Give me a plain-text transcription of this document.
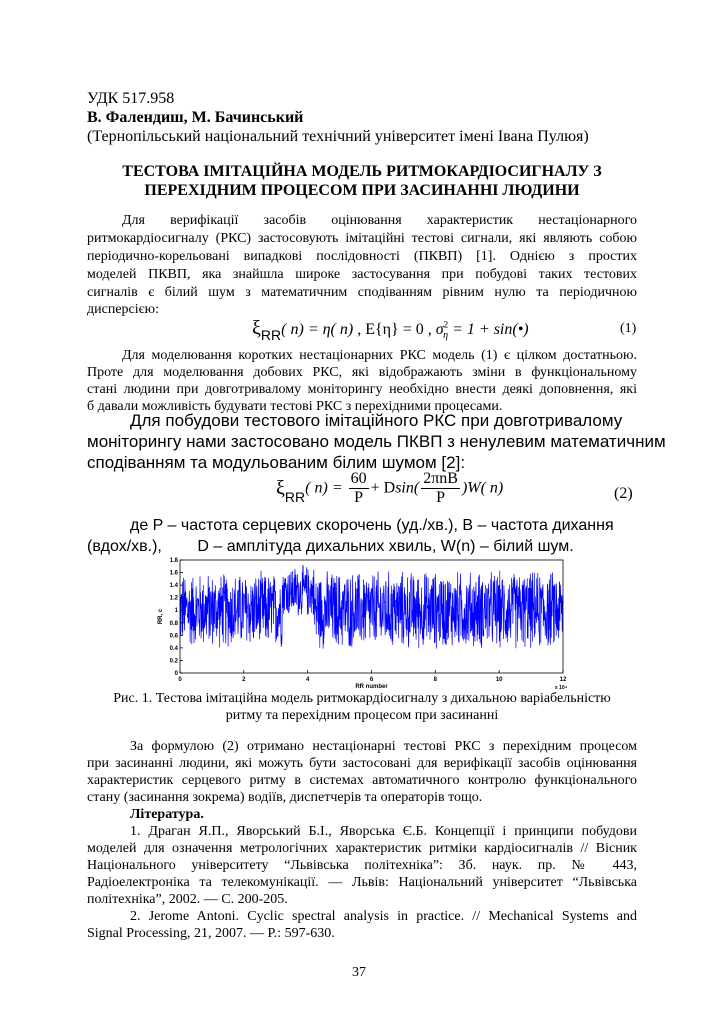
УДК 517.958
В. Фалендиш, М. Бачинський
(Тернопільський національний технічний університет імені Івана Пулюя)
ТЕСТОВА ІМІТАЦІЙНА МОДЕЛЬ РИТМОКАРДІОСИГНАЛУ З
ПЕРЕХІДНИМ ПРОЦЕСОМ ПРИ ЗАСИНАННІ ЛЮДИНИ
Для верифікації засобів оцінювання характеристик нестаціонарного
ритмокардіосигналу (РКС) застосовують імітаційні тестові сигнали, які являють собою
періодично-корельовані випадкові послідовності (ПКВП) [1]. Однією з простих
моделей ПКВП, яка знайшла широке застосування при побудові таких тестових
сигналів є білий шум з математичним сподіванням рівним нулю та періодичною
дисперсією:
ξRR( n) = η( n) , E{η} = 0 , $\sigma^2_\eta = 1$ + sin(•)	(1)
Для моделювання коротких нестаціонарних РКС модель (1) є цілком достатньою.
Проте для моделювання добових РКС, які відображають зміни в функціональному
стані людини при довготривалому моніторингу необхідно внести деякі доповнення, які
б давали можливість будувати тестові РКС з перехідними процесами.
Для побудови тестового імітаційного РКС при довготривалому
моніторингу нами застосовано модель ПКВП з ненулевим математичним
сподіванням та модульованим білим шумом [2]:
ξRR( $n) = \frac{60}{P} + Dsin( \frac{\text{2πnB}}{P} )W$( n)	(2)
де P – частота серцевих скорочень (уд./хв.), B – частота дихання
(вдох/хв.),        D – амплітуда дихальних хвиль, W(n) – білий шум.
0	2	4	6	8	10	12
0
0.2
0.4
0.6
0.8
1
1.2
1.4
1.6
1.8
RR number	x 10⁴
RR, c
Рис. 1. Тестова імітаційна модель ритмокардіосигналу з дихальною варіабельністю
ритму та перехідним процесом при засинанні
За формулою (2) отримано нестаціонарні тестові РКС з перехідним процесом
при засинанні людини, які можуть бути застосовані для верифікації засобів оцінювання
характеристик серцевого ритму в системах автоматичного контролю функціонального
стану (засинання зокрема) водіїв, диспетчерів та операторів тощо.
Література.
1. Драган Я.П., Яворський Б.І., Яворська Є.Б. Концепції і принципи побудови
моделей для означення метрологічних характеристик ритміки кардіосигналів // Вісник
Національного університету “Львівська політехніка”: Зб. наук. пр. № 443,
Радіоелектроніка та телекомунікації. — Львів: Національний університет “Львівська
політехніка”, 2002. — С. 200-205.
2. Jerome Antoni. Cyclic spectral analysis in practice. // Mechanical Systems and
Signal Processing, 21, 2007. — P.: 597-630.
37
